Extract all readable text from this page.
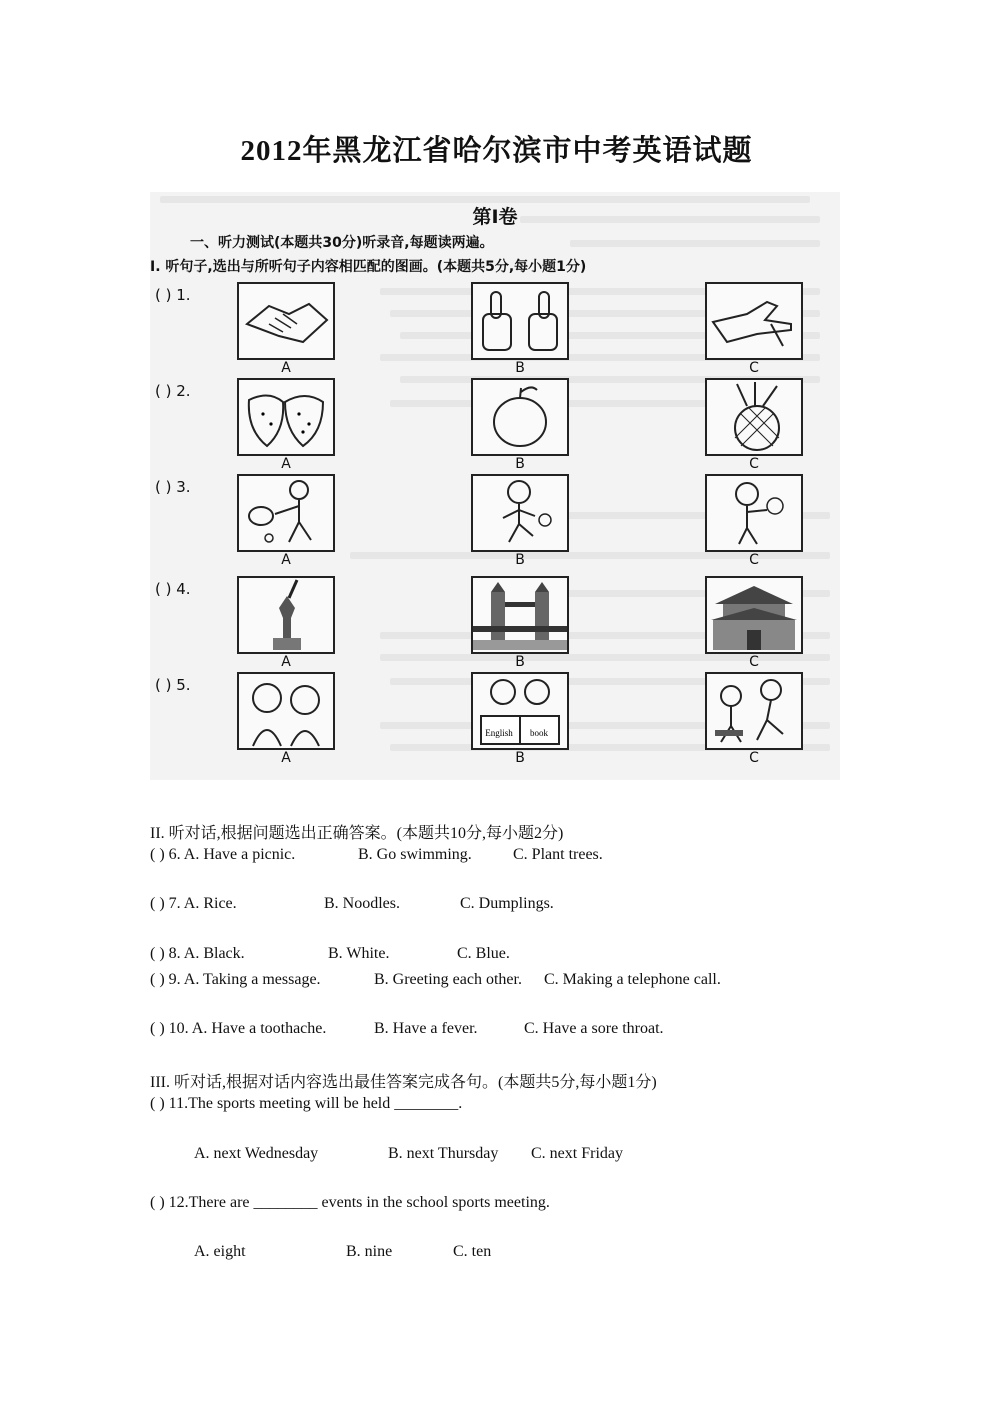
2012年黑龙江省哈尔滨市中考英语试题
第I卷
一、听力测试(本题共30分)听录音,每题读两遍。
I. 听句子,选出与所听句子内容相匹配的图画。(本题共5分,每小题1分)
( ) 1.
A	B	C
( ) 2.
A	B	C
( ) 3.
A	B	C
( ) 4.
A	B	C
( ) 5.
A
English book
B	C
II. 听对话,根据问题选出正确答案。(本题共10分,每小题2分)
( ) 6. A. Have a picnic.	B. Go swimming.	C. Plant trees.
( ) 7. A. Rice.	B. Noodles.	C. Dumplings.
( ) 8. A. Black.	B. White.	C. Blue.
( ) 9. A. Taking a message.	B. Greeting each other. C. Making a telephone call.
( ) 10. A. Have a toothache.	B. Have a fever.	C. Have a sore throat.
III. 听对话,根据对话内容选出最佳答案完成各句。(本题共5分,每小题1分)
( ) 11.The sports meeting will be held ________.
A. next Wednesday	B. next Thursday C. next Friday
( ) 12.There are ________ events in the school sports meeting.
A. eight	B. nine	C. ten
